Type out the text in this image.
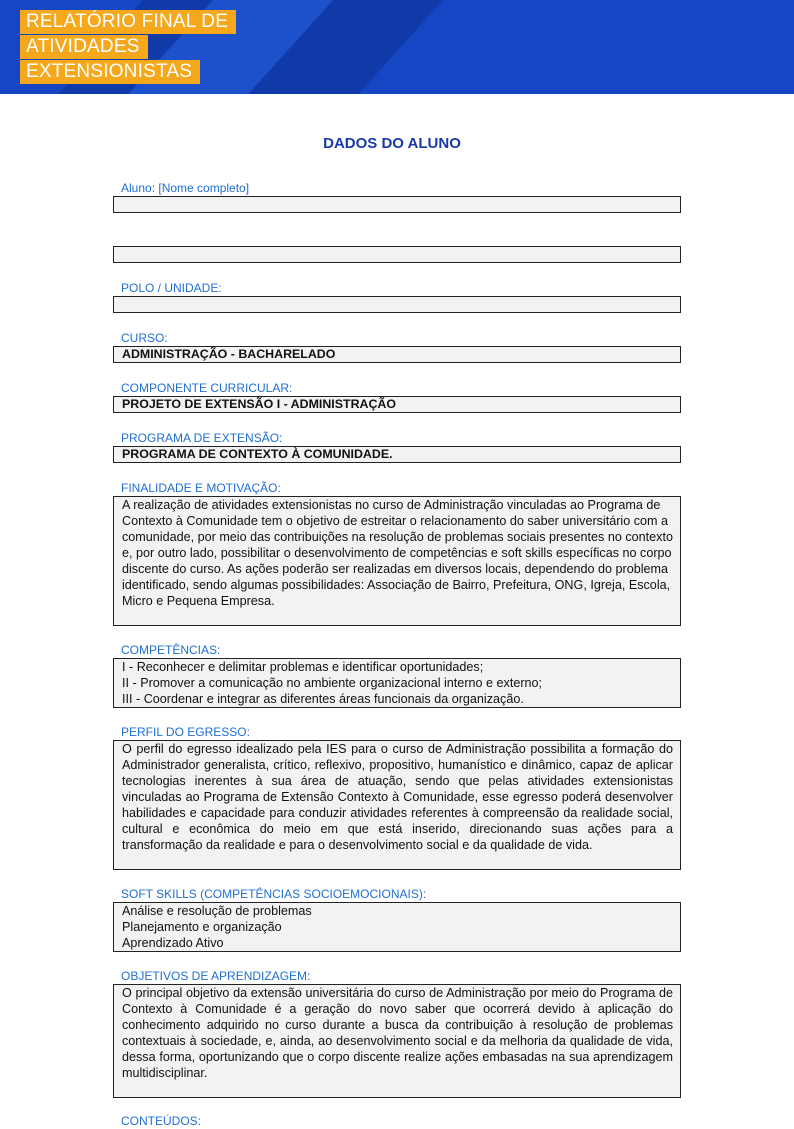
RELATÓRIO FINAL DE
ATIVIDADES
EXTENSIONISTAS
DADOS DO ALUNO
Aluno: [Nome completo]
POLO / UNIDADE:
CURSO:
ADMINISTRAÇÃO - BACHARELADO
COMPONENTE CURRICULAR:
PROJETO DE EXTENSÃO I - ADMINISTRAÇÃO
PROGRAMA DE EXTENSÃO:
PROGRAMA DE CONTEXTO À COMUNIDADE.
FINALIDADE E MOTIVAÇÃO:
A realização de atividades extensionistas no curso de Administração vinculadas ao Programa de Contexto à Comunidade tem o objetivo de estreitar o relacionamento do saber universitário com a comunidade, por meio das contribuições na resolução de problemas sociais presentes no contexto e, por outro lado, possibilitar o desenvolvimento de competências e soft skills específicas no corpo discente do curso. As ações poderão ser realizadas em diversos locais, dependendo do problema identificado, sendo algumas possibilidades: Associação de Bairro, Prefeitura, ONG, Igreja, Escola, Micro e Pequena Empresa.
COMPETÊNCIAS:
I - Reconhecer e delimitar problemas e identificar oportunidades;
II - Promover a comunicação no ambiente organizacional interno e externo;
III - Coordenar e integrar as diferentes áreas funcionais da organização.
PERFIL DO EGRESSO:
O perfil do egresso idealizado pela IES para o curso de Administração possibilita a formação do Administrador generalista, crítico, reflexivo, propositivo, humanístico e dinâmico, capaz de aplicar tecnologias inerentes à sua área de atuação, sendo que pelas atividades extensionistas vinculadas ao Programa de Extensão Contexto à Comunidade, esse egresso poderá desenvolver habilidades e capacidade para conduzir atividades referentes à compreensão da realidade social, cultural e econômica do meio em que está inserido, direcionando suas ações para a transformação da realidade e para o desenvolvimento social e da qualidade de vida.
SOFT SKILLS (COMPETÊNCIAS SOCIOEMOCIONAIS):
Análise e resolução de problemas
Planejamento e organização
Aprendizado Ativo
OBJETIVOS DE APRENDIZAGEM:
O principal objetivo da extensão universitária do curso de Administração por meio do Programa de Contexto à Comunidade é a geração do novo saber que ocorrerá devido à aplicação do conhecimento adquirido no curso durante a busca da contribuição à resolução de problemas contextuais à sociedade, e, ainda, ao desenvolvimento social e da melhoria da qualidade de vida, dessa forma, oportunizando que o corpo discente realize ações embasadas na sua aprendizagem multidisciplinar.
CONTEÚDOS:
